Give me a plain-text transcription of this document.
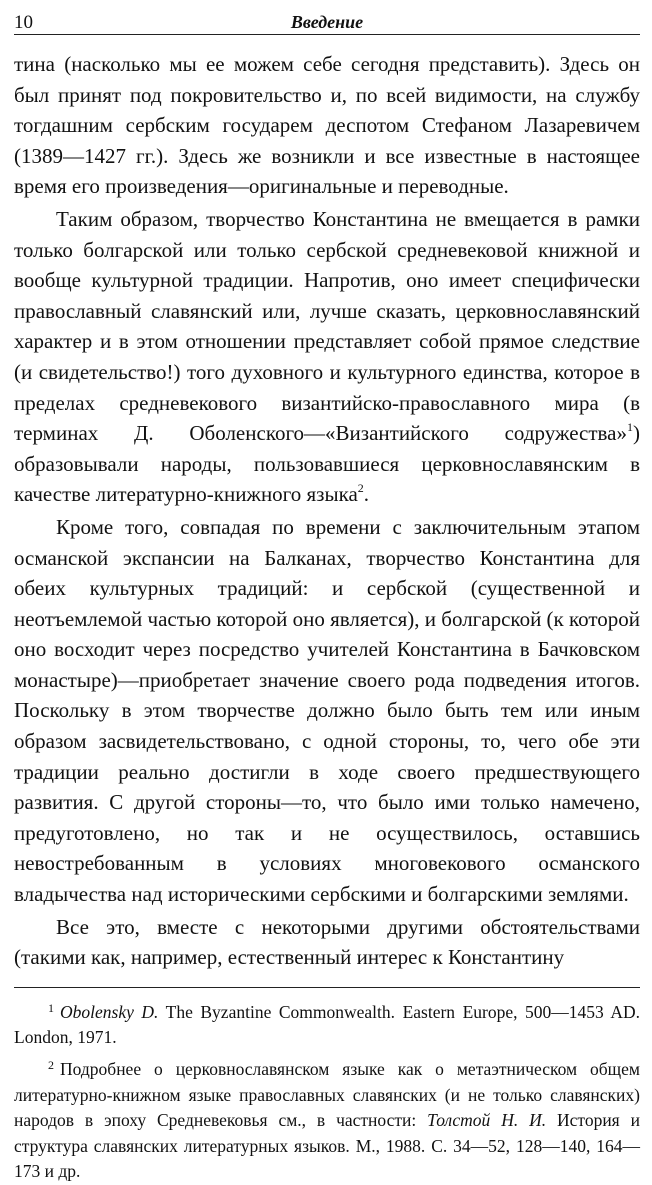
10	Введение

тина (насколько мы ее можем себе сегодня представить). Здесь он был принят под покровительство и, по всей видимости, на службу тогдашним сербским государем деспотом Стефаном Лазаревичем (1389—1427 гг.). Здесь же возникли и все известные в настоящее время его произведения—оригинальные и переводные.

Таким образом, творчество Константина не вмещается в рамки только болгарской или только сербской средневековой книжной и вообще культурной традиции. Напротив, оно имеет специфически православный славянский или, лучше сказать, церковнославянский характер и в этом отношении представляет собой прямое следствие (и свидетельство!) того духовного и культурного единства, которое в пределах средневекового византийско-православного мира (в терминах Д. Оболенского—«Византийского содружества»$^1$) образовывали народы, пользовавшиеся церковнославянским в качестве литературно-книжного языка$^2$.

Кроме того, совпадая по времени с заключительным этапом османской экспансии на Балканах, творчество Константина для обеих культурных традиций: и сербской (существенной и неотъемлемой частью которой оно является), и болгарской (к которой оно восходит через посредство учителей Константина в Бачковском монастыре)—приобретает значение своего рода подведения итогов. Поскольку в этом творчестве должно было быть тем или иным образом засвидетельствовано, с одной стороны, то, чего обе эти традиции реально достигли в ходе своего предшествующего развития. С другой стороны—то, что было ими только намечено, предуготовлено, но так и не осуществилось, оставшись невостребованным в условиях многовекового османского владычества над историческими сербскими и болгарскими землями.

Все это, вместе с некоторыми другими обстоятельствами (такими как, например, естественный интерес к Константину

$^1$ Obolensky D. The Byzantine Commonwealth. Eastern Europe, 500—1453 AD. London, 1971.

$^2$ Подробнее о церковнославянском языке как о метаэтническом общем литературно-книжном языке православных славянских (и не только славянских) народов в эпоху Средневековья см., в частности: Толстой Н. И. История и структура славянских литературных языков. М., 1988. С. 34—52, 128—140, 164—173 и др.
